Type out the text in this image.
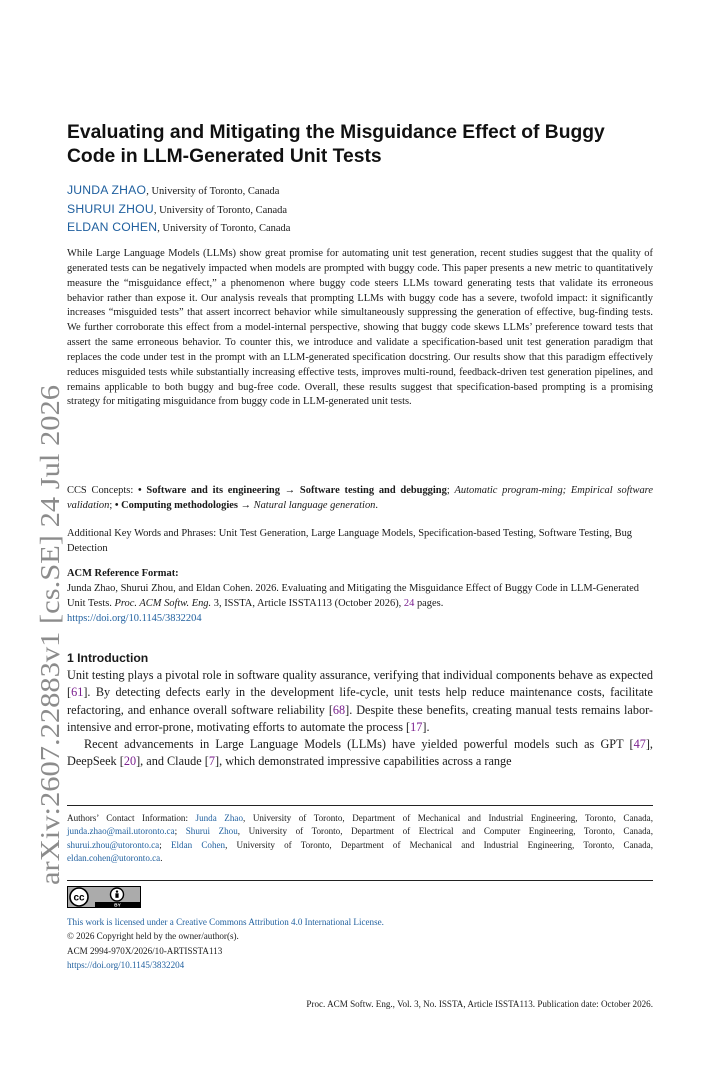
arXiv:2607.22883v1 [cs.SE] 24 Jul 2026
Evaluating and Mitigating the Misguidance Effect of Buggy Code in LLM-Generated Unit Tests
JUNDA ZHAO, University of Toronto, Canada
SHURUI ZHOU, University of Toronto, Canada
ELDAN COHEN, University of Toronto, Canada
While Large Language Models (LLMs) show great promise for automating unit test generation, recent studies suggest that the quality of generated tests can be negatively impacted when models are prompted with buggy code. This paper presents a new metric to quantitatively measure the “misguidance effect,” a phenomenon where buggy code steers LLMs toward generating tests that validate its erroneous behavior rather than expose it. Our analysis reveals that prompting LLMs with buggy code has a severe, twofold impact: it significantly increases “misguided tests” that assert incorrect behavior while simultaneously suppressing the generation of effective, bug-finding tests. We further corroborate this effect from a model-internal perspective, showing that buggy code skews LLMs’ preference toward tests that assert the same erroneous behavior. To counter this, we introduce and validate a specification-based unit test generation paradigm that replaces the code under test in the prompt with an LLM-generated specification docstring. Our results show that this paradigm effectively reduces misguided tests while substantially increasing effective tests, improves multi-round, feedback-driven test generation pipelines, and remains applicable to both buggy and bug-free code. Overall, these results suggest that specification-based prompting is a promising strategy for mitigating misguidance from buggy code in LLM-generated unit tests.
CCS Concepts: • Software and its engineering → Software testing and debugging; Automatic program-ming; Empirical software validation; • Computing methodologies → Natural language generation.
Additional Key Words and Phrases: Unit Test Generation, Large Language Models, Specification-based Testing, Software Testing, Bug Detection
ACM Reference Format:
Junda Zhao, Shurui Zhou, and Eldan Cohen. 2026. Evaluating and Mitigating the Misguidance Effect of Buggy Code in LLM-Generated Unit Tests. Proc. ACM Softw. Eng. 3, ISSTA, Article ISSTA113 (October 2026), 24 pages.
https://doi.org/10.1145/3832204
1 Introduction
Unit testing plays a pivotal role in software quality assurance, verifying that individual components behave as expected [61]. By detecting defects early in the development life-cycle, unit tests help reduce maintenance costs, facilitate refactoring, and enhance overall software reliability [68]. Despite these benefits, creating manual tests remains labor-intensive and error-prone, motivating efforts to automate the process [17].
Recent advancements in Large Language Models (LLMs) have yielded powerful models such as GPT [47], DeepSeek [20], and Claude [7], which demonstrated impressive capabilities across a range
Authors’ Contact Information: Junda Zhao, University of Toronto, Department of Mechanical and Industrial Engineering, Toronto, Canada, junda.zhao@mail.utoronto.ca; Shurui Zhou, University of Toronto, Department of Electrical and Computer Engineering, Toronto, Canada, shurui.zhou@utoronto.ca; Eldan Cohen, University of Toronto, Department of Mechanical and Industrial Engineering, Toronto, Canada, eldan.cohen@utoronto.ca.
cc
BY
This work is licensed under a Creative Commons Attribution 4.0 International License.
© 2026 Copyright held by the owner/author(s).
ACM 2994-970X/2026/10-ARTISSTA113
https://doi.org/10.1145/3832204
Proc. ACM Softw. Eng., Vol. 3, No. ISSTA, Article ISSTA113. Publication date: October 2026.
